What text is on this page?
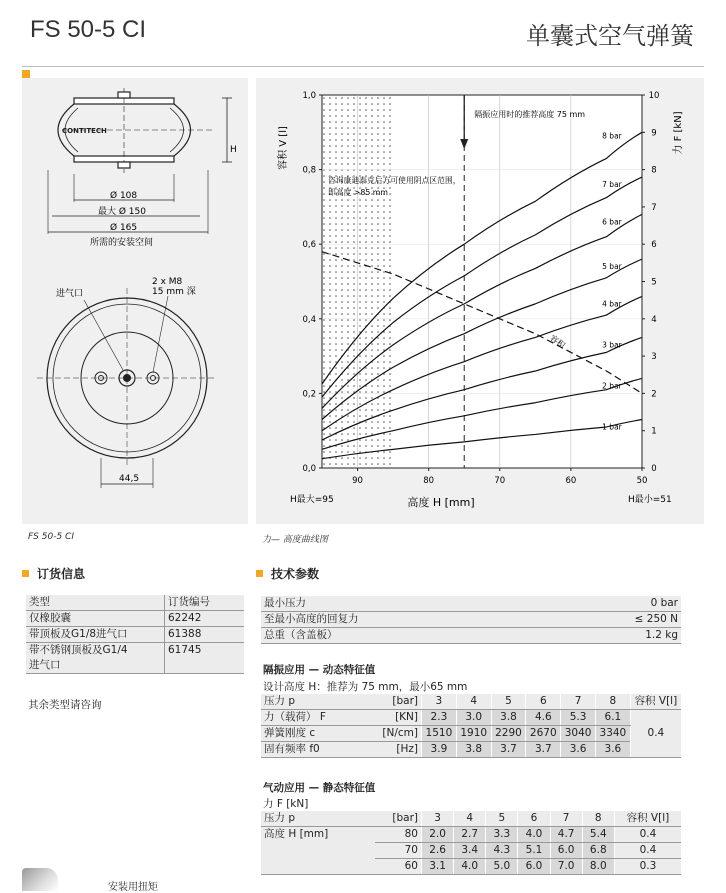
FS 50-5 CI	单囊式空气弹簧
CONTITECH
H
Ø 108
最大 Ø 150
Ø 165
所需的安装空间
进气口
2 x M8
15 mm 深
44,5
FS 50-5 CI
0,0
0,2
0,4
0,6
0,8
1,0
0
1
2
3
4
5
6
7
8
9
10
90	80	70	60	50
高度 H [mm]
容积 V [l]	力 F [kN]
H最大=95	H最小=51
隔振应用时的推荐高度 75 mm
咨询康迪泰克后方可使用阴点区范围，
即高度 >85 mm
8 bar
7 bar
6 bar
5 bar
4 bar
3 bar
2 bar
1 bar
容积
力— 高度曲线图
订货信息
类型	订货编号
仅橡胶囊	62242
带顶板及G1/8进气口	61388
带不锈钢顶板及G1/4
进气口	61745
其余类型请咨询
技术参数
最小压力	0 bar
至最小高度的回复力	≤ 250 N
总重（含盖板）	1.2 kg
隔振应用 — 动态特征值
设计高度 H：推荐为 75 mm，最小65 mm
压力 p	[bar]	3	4	5	6	7	8	容积 V[l]
力（载荷） F	[KN]	2.3	3.0	3.8	4.6	5.3	6.1	0.4
弹簧刚度 c	[N/cm]	1510	1910	2290	2670	3040	3340	
固有频率 f0	[Hz]	3.9	3.8	3.7	3.7	3.6	3.6	
气动应用 — 静态特征值
力 F [kN]
压力 p	[bar]	3	4	5	6	7	8	容积 V[l]
高度 H [mm]	80	2.0	2.7	3.3	4.0	4.7	5.4	0.4
	70	2.6	3.4	4.3	5.1	6.0	6.8	0.4
	60	3.1	4.0	5.0	6.0	7.0	8.0	0.3
安装用扭矩
